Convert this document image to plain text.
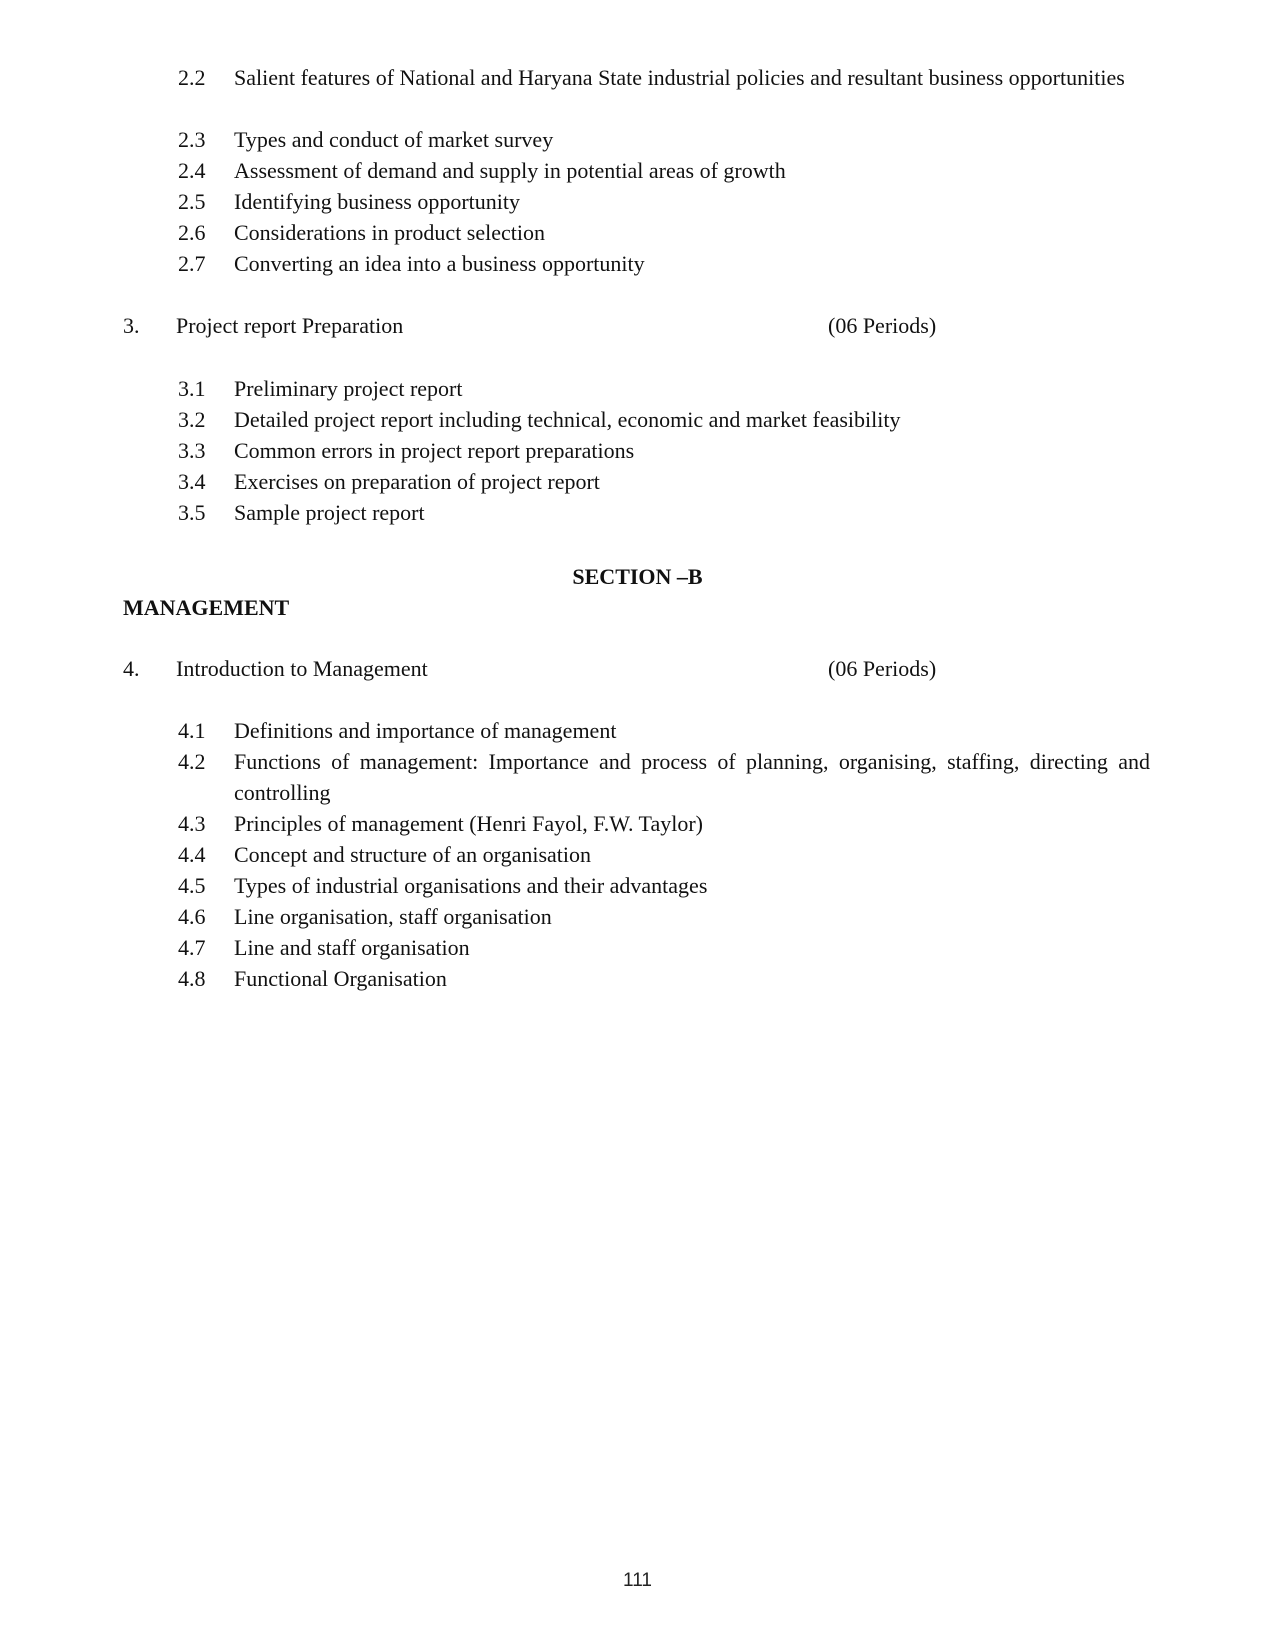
2.2 Salient features of National and Haryana State industrial policies and resultant business opportunities
2.3 Types and conduct of market survey
2.4 Assessment of demand and supply in potential areas of growth
2.5 Identifying business opportunity
2.6 Considerations in product selection
2.7 Converting an idea into a business opportunity
3. Project report Preparation	(06 Periods)
3.1 Preliminary project report
3.2 Detailed project report including technical, economic and market feasibility
3.3 Common errors in project report preparations
3.4 Exercises on preparation of project report
3.5 Sample project report
SECTION –B
MANAGEMENT
4. Introduction to Management	(06 Periods)
4.1 Definitions and importance of management
4.2 Functions of management: Importance and process of planning, organising, staffing, directing and controlling
4.3 Principles of management (Henri Fayol, F.W. Taylor)
4.4 Concept and structure of an organisation
4.5 Types of industrial organisations and their advantages
4.6 Line organisation, staff organisation
4.7 Line and staff organisation
4.8 Functional Organisation
111
